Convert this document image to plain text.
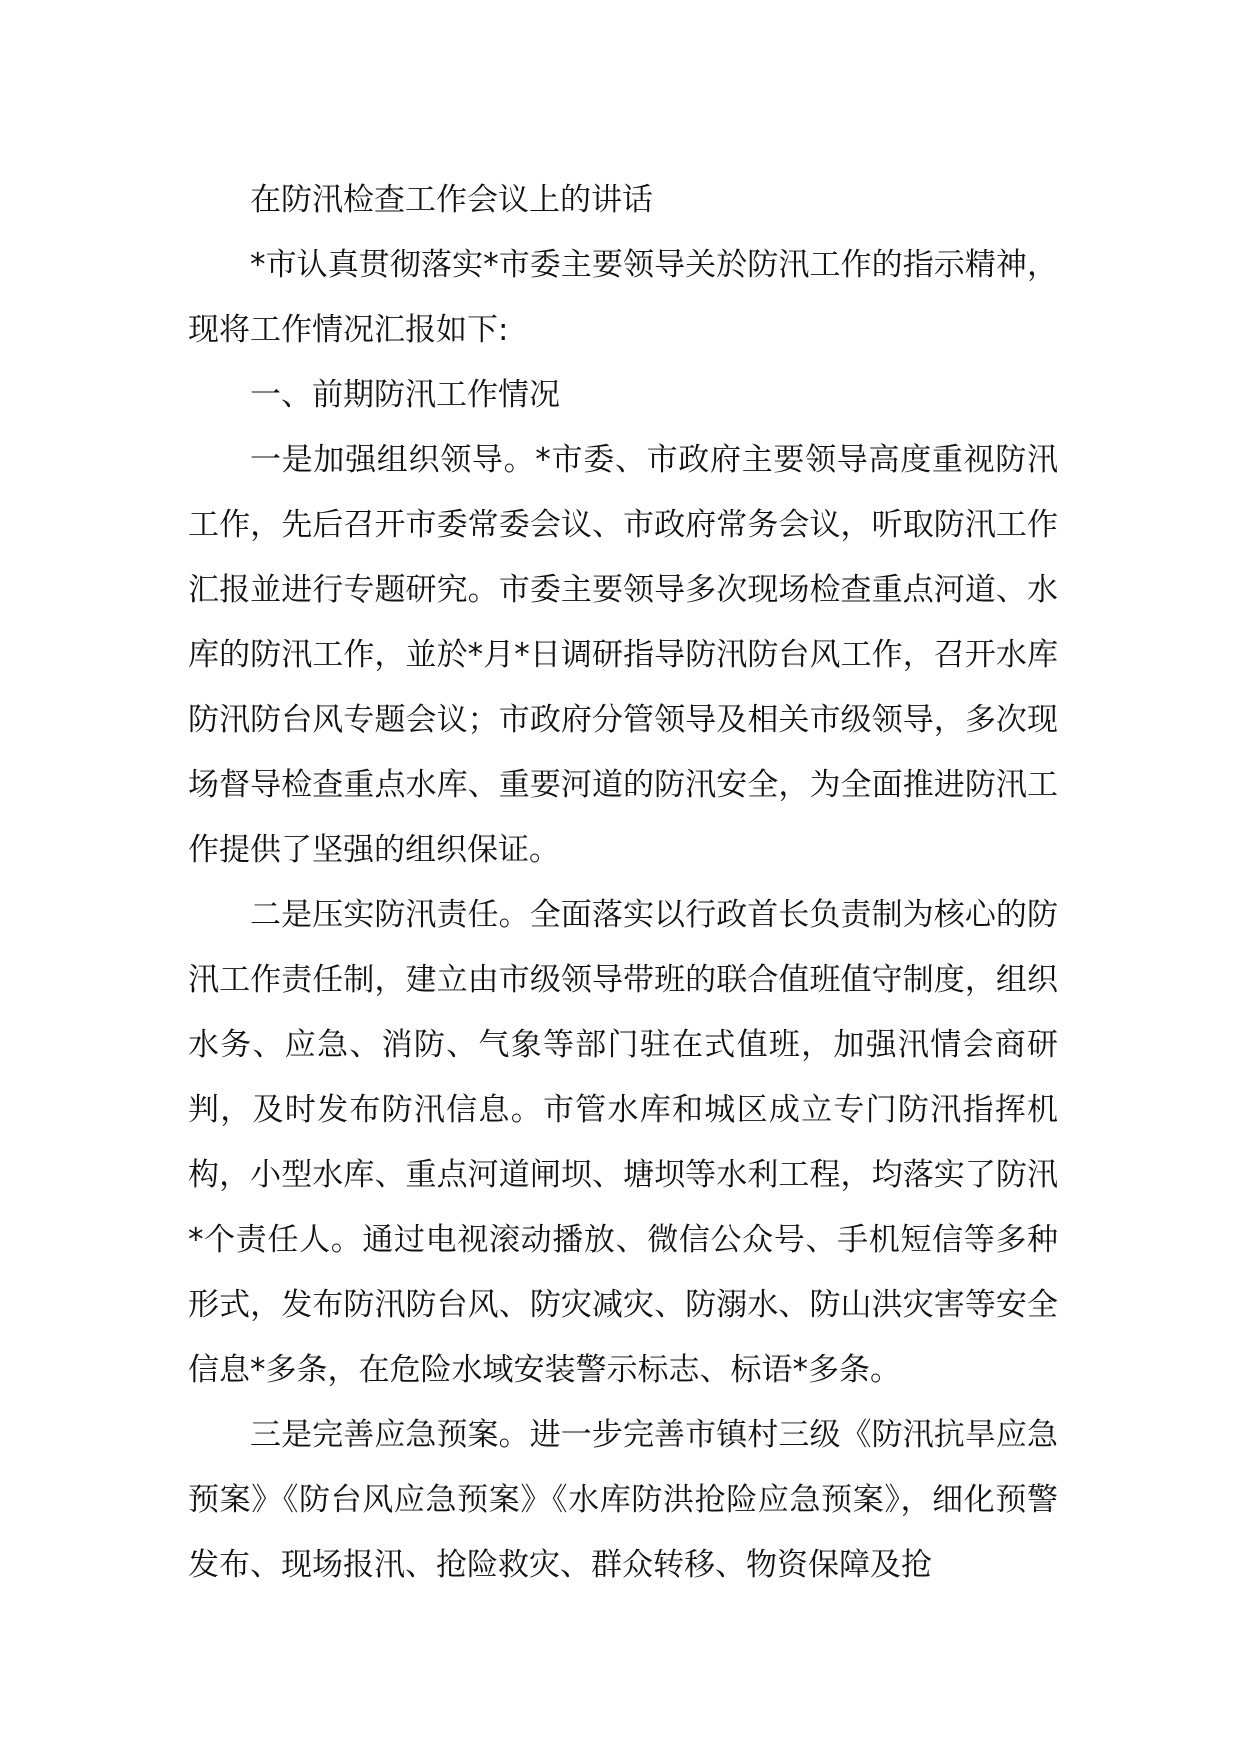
在防汛检查工作会议上的讲话

*市认真贯彻落实*市委主要领导关於防汛工作的指示精神，现将工作情况汇报如下:

一、前期防汛工作情况

一是加强组织领导。*市委、市政府主要领导高度重视防汛工作，先后召开市委常委会议、市政府常务会议，听取防汛工作汇报並进行专题研究。市委主要领导多次现场检查重点河道、水库的防汛工作，並於*月*日调研指导防汛防台风工作，召开水库防汛防台风专题会议；市政府分管领导及相关市级领导，多次现场督导检查重点水库、重要河道的防汛安全，为全面推进防汛工作提供了坚强的组织保证。

二是压实防汛责任。全面落实以行政首长负责制为核心的防汛工作责任制，建立由市级领导带班的联合值班值守制度，组织水务、应急、消防、气象等部门驻在式值班，加强汛情会商研判，及时发布防汛信息。市管水库和城区成立专门防汛指挥机构，小型水库、重点河道闸坝、塘坝等水利工程，均落实了防汛*个责任人。通过电视滚动播放、微信公众号、手机短信等多种形式，发布防汛防台风、防灾减灾、防溺水、防山洪灾害等安全信息*多条，在危险水域安装警示标志、标语*多条。

三是完善应急预案。进一步完善市镇村三级《防汛抗旱应急预案》《防台风应急预案》《水库防洪抢险应急预案》，细化预警发布、现场报汛、抢险救灾、群众转移、物资保障及抢
